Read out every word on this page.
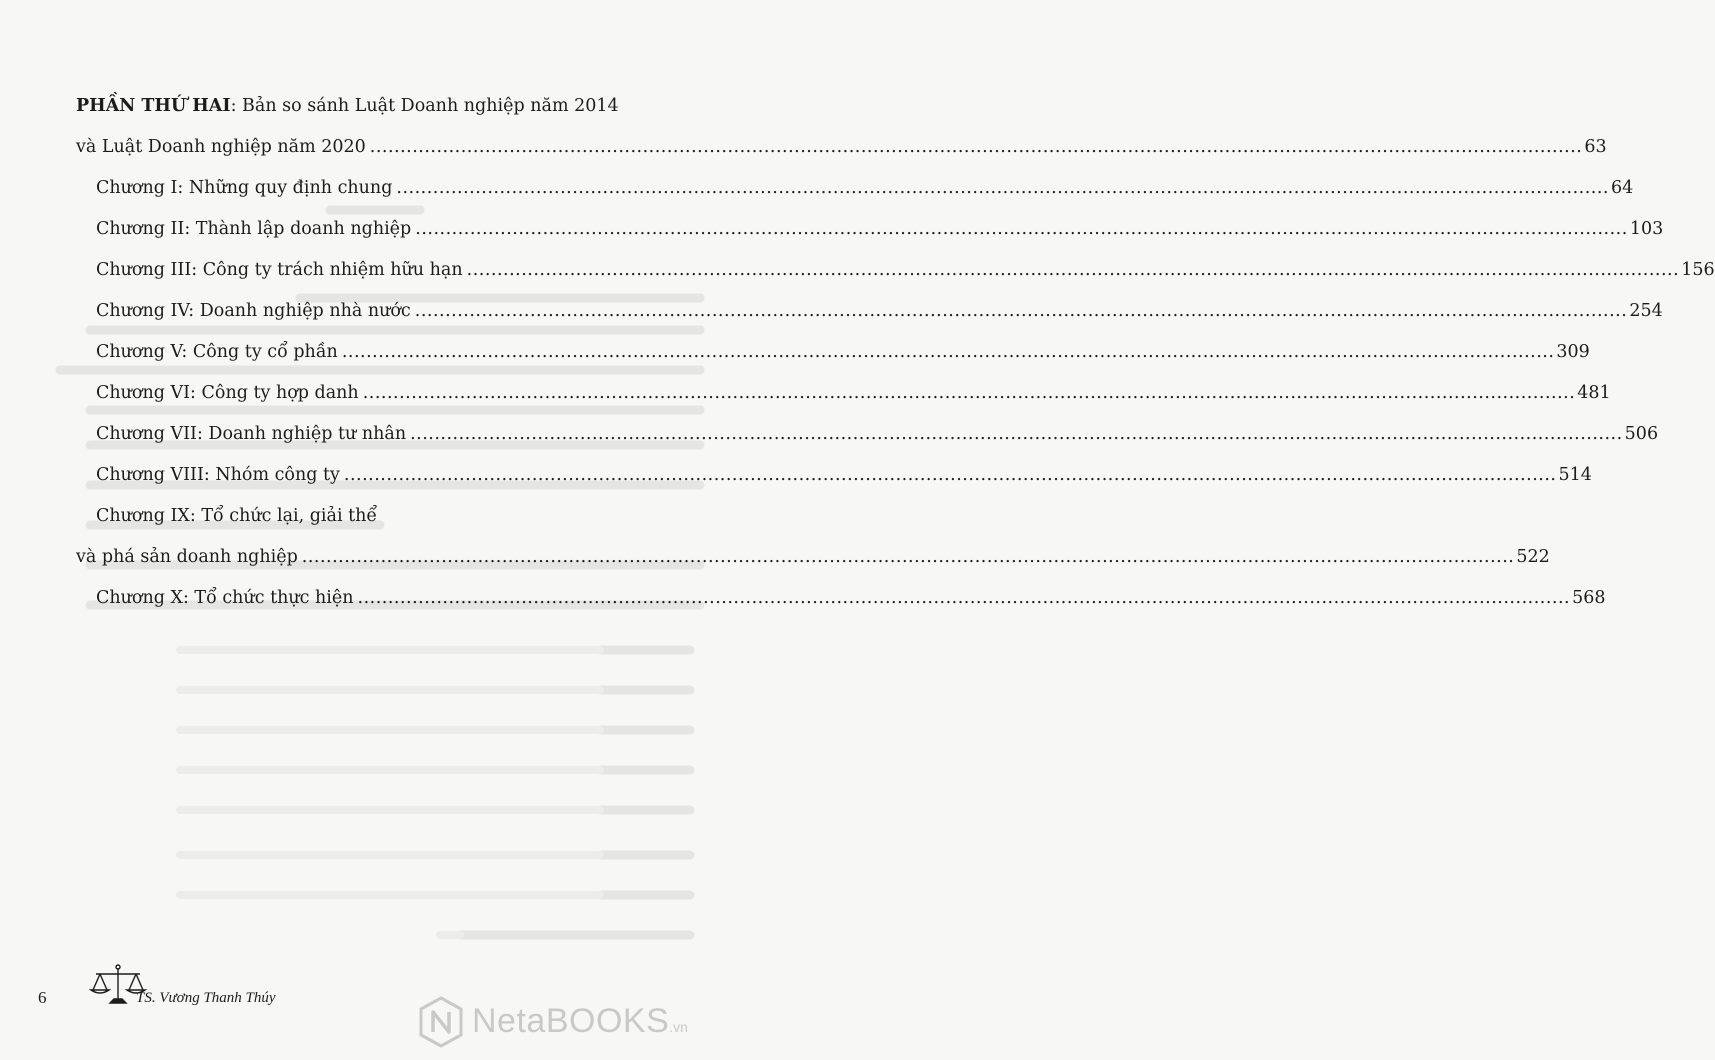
PHẦN THỨ HAI: Bản so sánh Luật Doanh nghiệp năm 2014
và Luật Doanh nghiệp năm 2020 ........................................................................................................................................................................................................ 63
Chương I: Những quy định chung ........................................................................................................................................................................................................ 64
Chương II: Thành lập doanh nghiệp ........................................................................................................................................................................................................ 103
Chương III: Công ty trách nhiệm hữu hạn ........................................................................................................................................................................................................ 156
Chương IV: Doanh nghiệp nhà nước ........................................................................................................................................................................................................ 254
Chương V: Công ty cổ phần ........................................................................................................................................................................................................ 309
Chương VI: Công ty hợp danh ........................................................................................................................................................................................................ 481
Chương VII: Doanh nghiệp tư nhân ........................................................................................................................................................................................................ 506
Chương VIII: Nhóm công ty ........................................................................................................................................................................................................ 514
Chương IX: Tổ chức lại, giải thể
và phá sản doanh nghiệp ........................................................................................................................................................................................................ 522
Chương X: Tổ chức thực hiện ........................................................................................................................................................................................................ 568
6	TS. Vương Thanh Thúy
NetaBOOKS.vn
